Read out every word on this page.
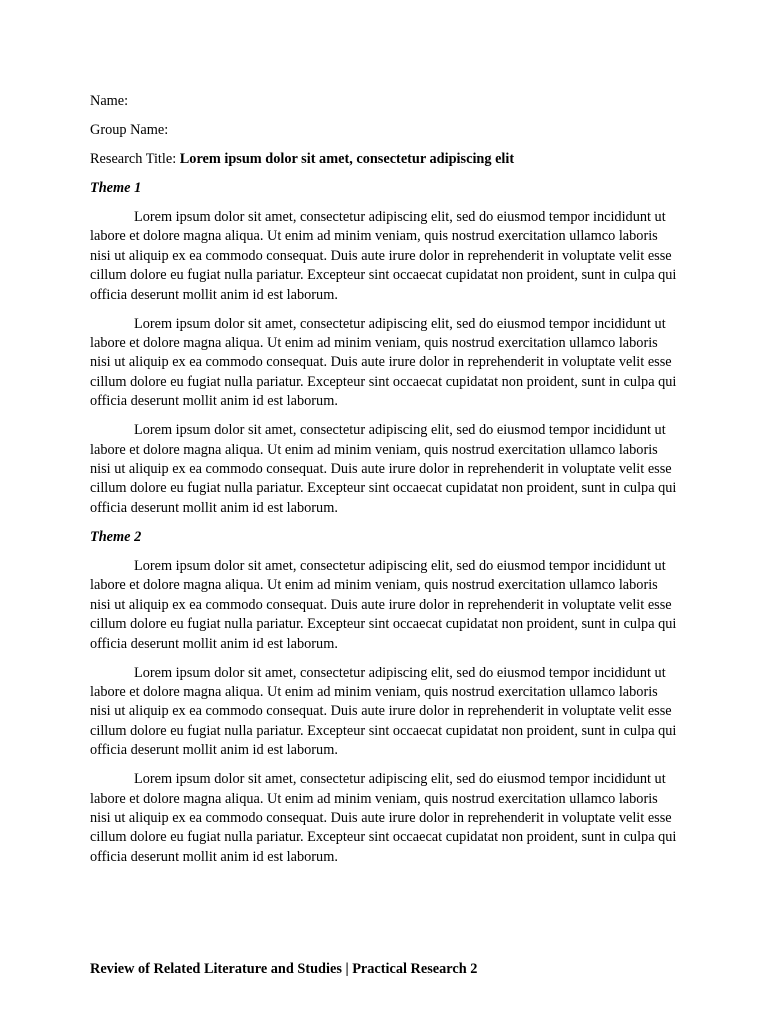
Name:
Group Name:
Research Title: Lorem ipsum dolor sit amet, consectetur adipiscing elit
Theme 1

Lorem ipsum dolor sit amet, consectetur adipiscing elit, sed do eiusmod tempor incididunt ut labore et dolore magna aliqua. Ut enim ad minim veniam, quis nostrud exercitation ullamco laboris nisi ut aliquip ex ea commodo consequat. Duis aute irure dolor in reprehenderit in voluptate velit esse cillum dolore eu fugiat nulla pariatur. Excepteur sint occaecat cupidatat non proident, sunt in culpa qui officia deserunt mollit anim id est laborum.

Lorem ipsum dolor sit amet, consectetur adipiscing elit, sed do eiusmod tempor incididunt ut labore et dolore magna aliqua. Ut enim ad minim veniam, quis nostrud exercitation ullamco laboris nisi ut aliquip ex ea commodo consequat. Duis aute irure dolor in reprehenderit in voluptate velit esse cillum dolore eu fugiat nulla pariatur. Excepteur sint occaecat cupidatat non proident, sunt in culpa qui officia deserunt mollit anim id est laborum.

Lorem ipsum dolor sit amet, consectetur adipiscing elit, sed do eiusmod tempor incididunt ut labore et dolore magna aliqua. Ut enim ad minim veniam, quis nostrud exercitation ullamco laboris nisi ut aliquip ex ea commodo consequat. Duis aute irure dolor in reprehenderit in voluptate velit esse cillum dolore eu fugiat nulla pariatur. Excepteur sint occaecat cupidatat non proident, sunt in culpa qui officia deserunt mollit anim id est laborum.

Theme 2

Lorem ipsum dolor sit amet, consectetur adipiscing elit, sed do eiusmod tempor incididunt ut labore et dolore magna aliqua. Ut enim ad minim veniam, quis nostrud exercitation ullamco laboris nisi ut aliquip ex ea commodo consequat. Duis aute irure dolor in reprehenderit in voluptate velit esse cillum dolore eu fugiat nulla pariatur. Excepteur sint occaecat cupidatat non proident, sunt in culpa qui officia deserunt mollit anim id est laborum.

Lorem ipsum dolor sit amet, consectetur adipiscing elit, sed do eiusmod tempor incididunt ut labore et dolore magna aliqua. Ut enim ad minim veniam, quis nostrud exercitation ullamco laboris nisi ut aliquip ex ea commodo consequat. Duis aute irure dolor in reprehenderit in voluptate velit esse cillum dolore eu fugiat nulla pariatur. Excepteur sint occaecat cupidatat non proident, sunt in culpa qui officia deserunt mollit anim id est laborum.

Lorem ipsum dolor sit amet, consectetur adipiscing elit, sed do eiusmod tempor incididunt ut labore et dolore magna aliqua. Ut enim ad minim veniam, quis nostrud exercitation ullamco laboris nisi ut aliquip ex ea commodo consequat. Duis aute irure dolor in reprehenderit in voluptate velit esse cillum dolore eu fugiat nulla pariatur. Excepteur sint occaecat cupidatat non proident, sunt in culpa qui officia deserunt mollit anim id est laborum.

Review of Related Literature and Studies | Practical Research 2
